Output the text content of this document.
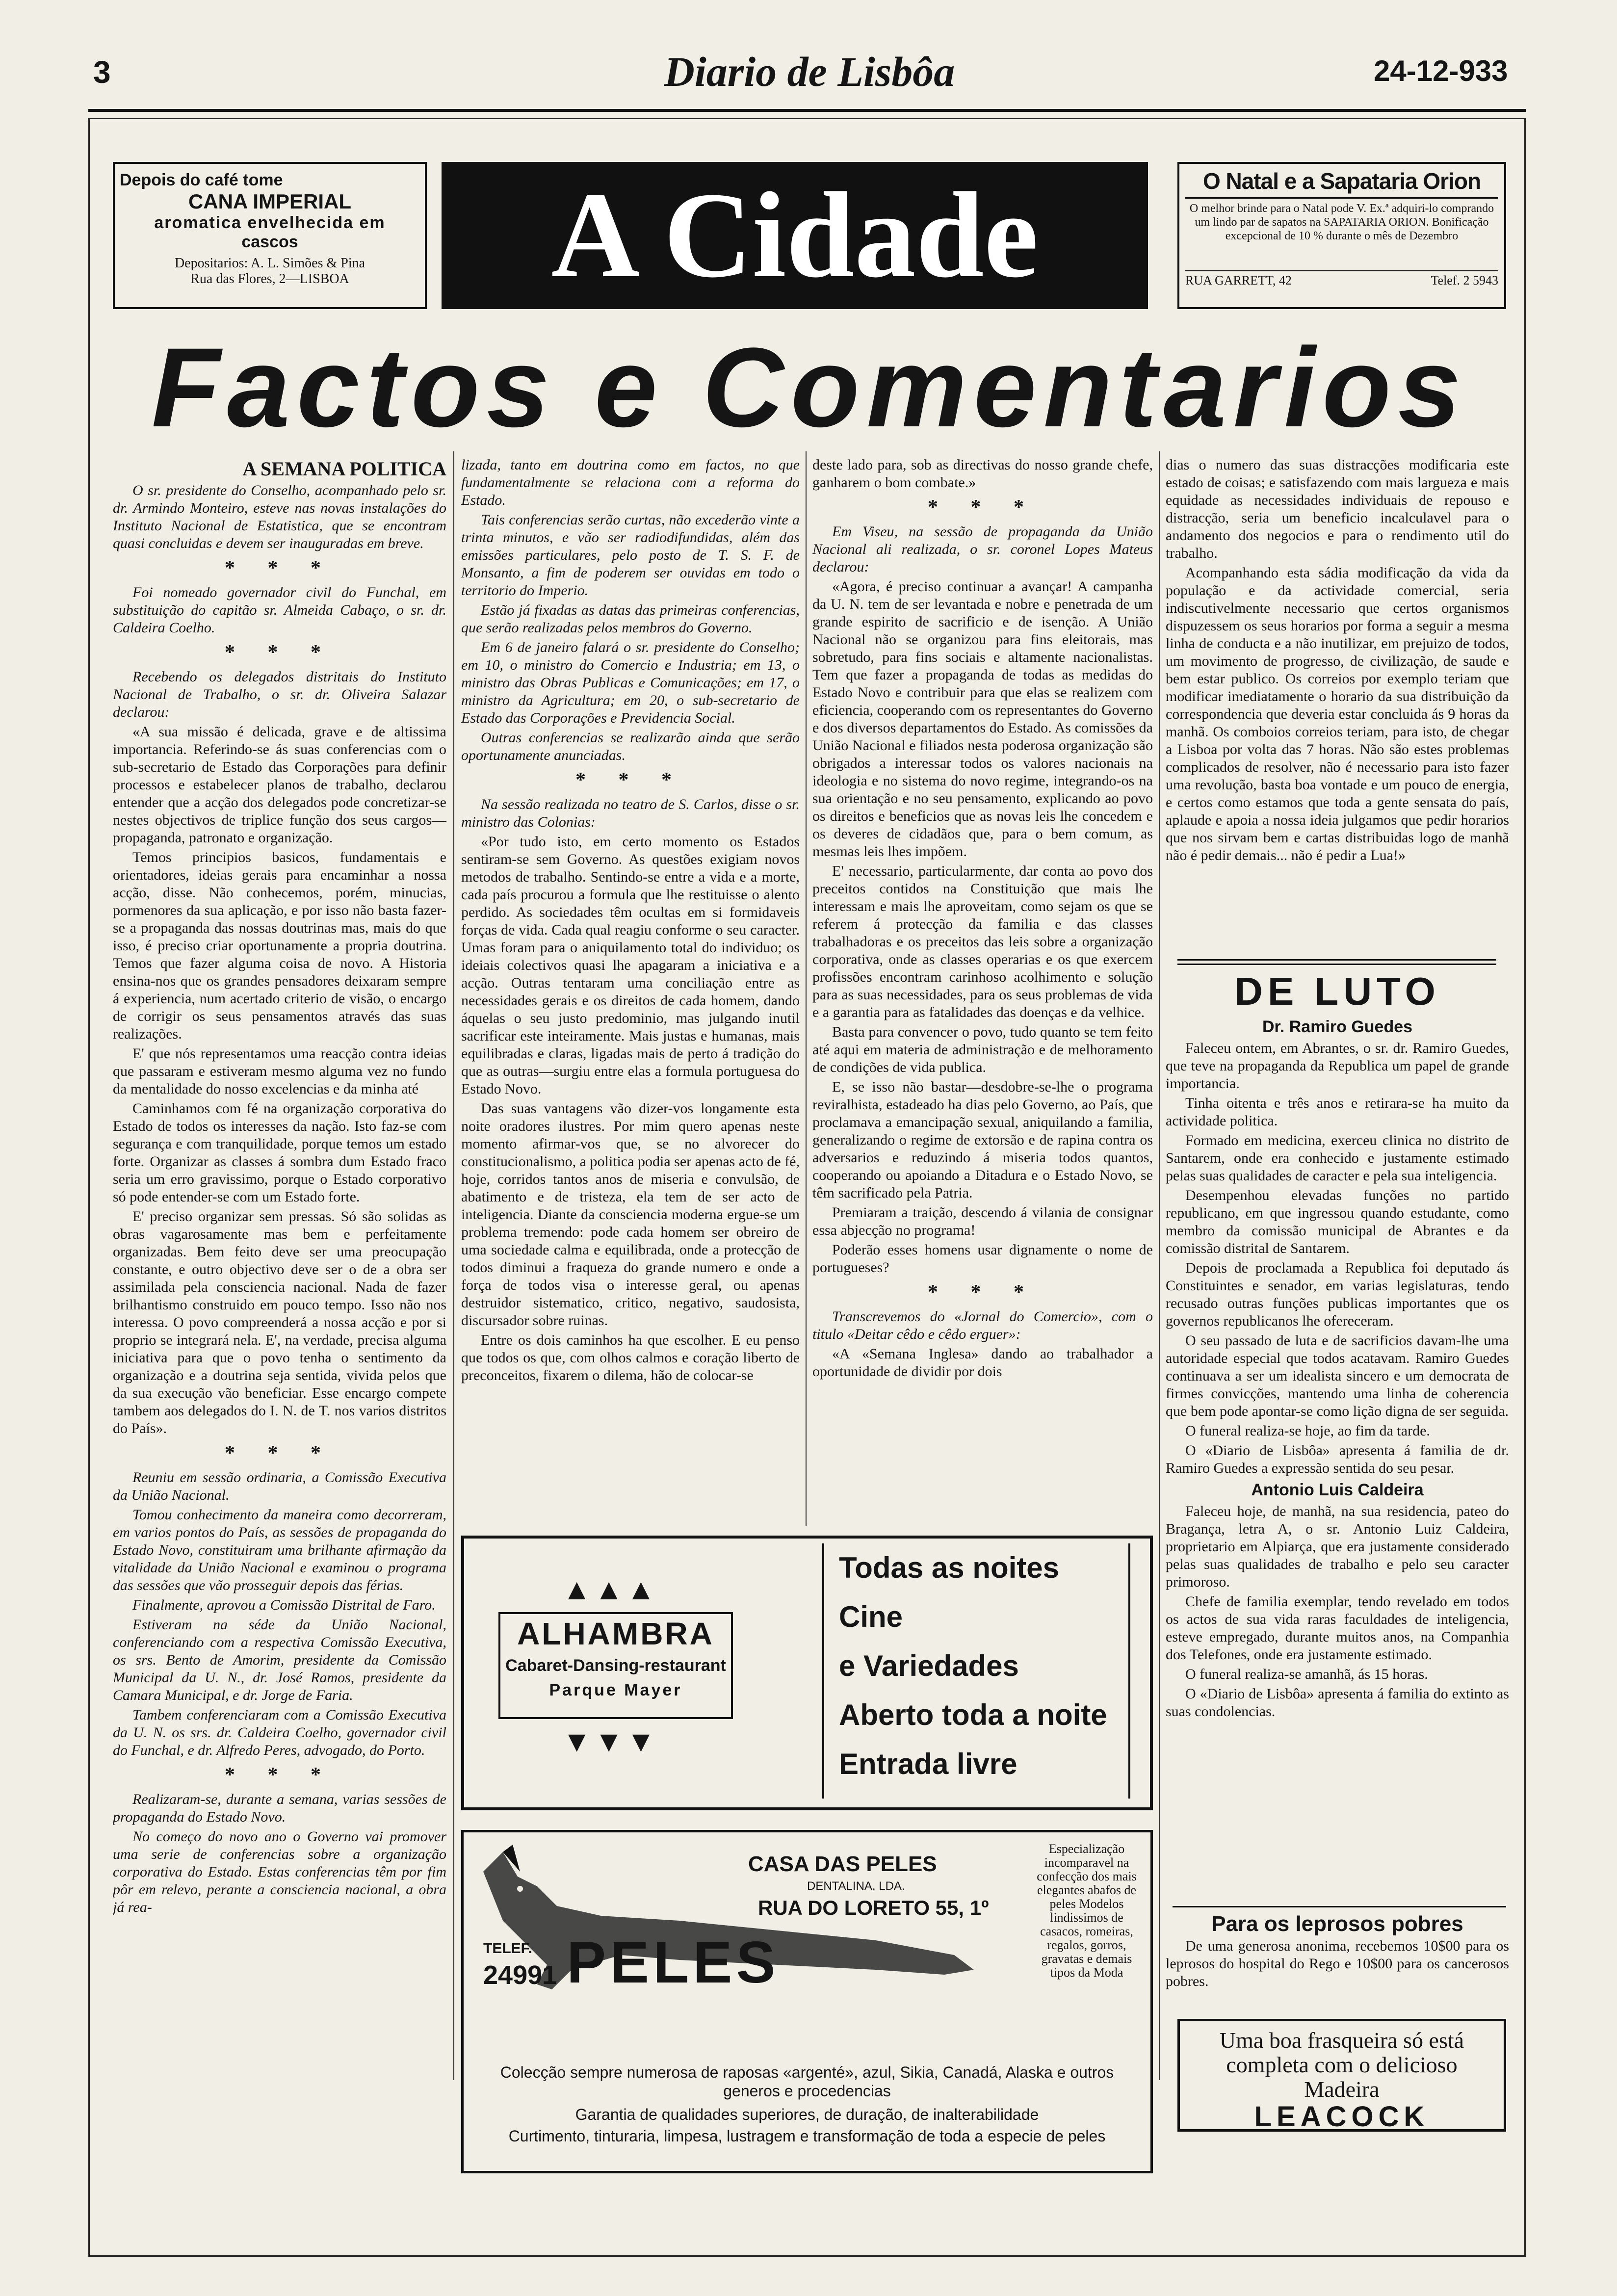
3	Diario de Lisbôa	24-12-933
Depois do café tome
CANA IMPERIAL
aromatica envelhecida em
cascos
Depositarios: A. L. Simões & Pina
Rua das Flores, 2—LISBOA	A Cidade	O Natal e a Sapataria Orion
O melhor brinde para o Natal pode V. Ex.ª adquiri-lo comprando um lindo par de sapatos na SAPATARIA ORION. Bonificação excepcional de 10 % durante o mês de Dezembro
RUA GARRETT, 42	Telef. 2 5943
Factos e Comentarios
A SEMANA POLITICA

O sr. presidente do Conselho, acompanhado pelo sr. dr. Armindo Monteiro, esteve nas novas instalações do Instituto Nacional de Estatistica, que se encontram quasi concluidas e devem ser inauguradas em breve.

* * *

Foi nomeado governador civil do Funchal, em substituição do capitão sr. Almeida Cabaço, o sr. dr. Caldeira Coelho.

* * *

Recebendo os delegados distritais do Instituto Nacional de Trabalho, o sr. dr. Oliveira Salazar declarou:

«A sua missão é delicada, grave e de altissima importancia. Referindo-se ás suas conferencias com o sub-secretario de Estado das Corporações para definir processos e estabelecer planos de trabalho, declarou entender que a acção dos delegados pode concretizar-se nestes objectivos de triplice função dos seus cargos—propaganda, patronato e organização.

Temos principios basicos, fundamentais e orientadores, ideias gerais para encaminhar a nossa acção, disse. Não conhecemos, porém, minucias, pormenores da sua aplicação, e por isso não basta fazer-se a propaganda das nossas doutrinas mas, mais do que isso, é preciso criar oportunamente a propria doutrina. Temos que fazer alguma coisa de novo. A Historia ensina-nos que os grandes pensadores deixaram sempre á experiencia, num acertado criterio de visão, o encargo de corrigir os seus pensamentos através das suas realizações.

E' que nós representamos uma reacção contra ideias que passaram e estiveram mesmo alguma vez no fundo da mentalidade do nosso excelencias e da minha até

Caminhamos com fé na organização corporativa do Estado de todos os interesses da nação. Isto faz-se com segurança e com tranquilidade, porque temos um estado forte. Organizar as classes á sombra dum Estado fraco seria um erro gravissimo, porque o Estado corporativo só pode entender-se com um Estado forte.

E' preciso organizar sem pressas. Só são solidas as obras vagarosamente mas bem e perfeitamente organizadas. Bem feito deve ser uma preocupação constante, e outro objectivo deve ser o de a obra ser assimilada pela consciencia nacional. Nada de fazer brilhantismo construido em pouco tempo. Isso não nos interessa. O povo compreenderá a nossa acção e por si proprio se integrará nela. E', na verdade, precisa alguma iniciativa para que o povo tenha o sentimento da organização e a doutrina seja sentida, vivida pelos que da sua execução vão beneficiar. Esse encargo compete tambem aos delegados do I. N. de T. nos varios distritos do País».

* * *

Reuniu em sessão ordinaria, a Comissão Executiva da União Nacional.

Tomou conhecimento da maneira como decorreram, em varios pontos do País, as sessões de propaganda do Estado Novo, constituiram uma brilhante afirmação da vitalidade da União Nacional e examinou o programa das sessões que vão prosseguir depois das férias.

Finalmente, aprovou a Comissão Distrital de Faro.

Estiveram na séde da União Nacional, conferenciando com a respectiva Comissão Executiva, os srs. Bento de Amorim, presidente da Comissão Municipal da U. N., dr. José Ramos, presidente da Camara Municipal, e dr. Jorge de Faria.

Tambem conferenciaram com a Comissão Executiva da U. N. os srs. dr. Caldeira Coelho, governador civil do Funchal, e dr. Alfredo Peres, advogado, do Porto.

* * *

Realizaram-se, durante a semana, varias sessões de propaganda do Estado Novo.

No começo do novo ano o Governo vai promover uma serie de conferencias sobre a organização corporativa do Estado. Estas conferencias têm por fim pôr em relevo, perante a consciencia nacional, a obra já rea-

lizada, tanto em doutrina como em factos, no que fundamentalmente se relaciona com a reforma do Estado.

Tais conferencias serão curtas, não excederão vinte a trinta minutos, e vão ser radiodifundidas, além das emissões particulares, pelo posto de T. S. F. de Monsanto, a fim de poderem ser ouvidas em todo o territorio do Imperio.

Estão já fixadas as datas das primeiras conferencias, que serão realizadas pelos membros do Governo.

Em 6 de janeiro falará o sr. presidente do Conselho; em 10, o ministro do Comercio e Industria; em 13, o ministro das Obras Publicas e Comunicações; em 17, o ministro da Agricultura; em 20, o sub-secretario de Estado das Corporações e Previdencia Social.

Outras conferencias se realizarão ainda que serão oportunamente anunciadas.

* * *

Na sessão realizada no teatro de S. Carlos, disse o sr. ministro das Colonias:

«Por tudo isto, em certo momento os Estados sentiram-se sem Governo. As questões exigiam novos metodos de trabalho. Sentindo-se entre a vida e a morte, cada país procurou a formula que lhe restituisse o alento perdido. As sociedades têm ocultas em si formidaveis forças de vida. Cada qual reagiu conforme o seu caracter. Umas foram para o aniquilamento total do individuo; os ideiais colectivos quasi lhe apagaram a iniciativa e a acção. Outras tentaram uma conciliação entre as necessidades gerais e os direitos de cada homem, dando áquelas o seu justo predominio, mas julgando inutil sacrificar este inteiramente. Mais justas e humanas, mais equilibradas e claras, ligadas mais de perto á tradição do que as outras—surgiu entre elas a formula portuguesa do Estado Novo.

Das suas vantagens vão dizer-vos longamente esta noite oradores ilustres. Por mim quero apenas neste momento afirmar-vos que, se no alvorecer do constitucionalismo, a politica podia ser apenas acto de fé, hoje, corridos tantos anos de miseria e convulsão, de abatimento e de tristeza, ela tem de ser acto de inteligencia. Diante da consciencia moderna ergue-se um problema tremendo: pode cada homem ser obreiro de uma sociedade calma e equilibrada, onde a protecção de todos diminui a fraqueza do grande numero e onde a força de todos visa o interesse geral, ou apenas destruidor sistematico, critico, negativo, saudosista, discursador sobre ruinas.

Entre os dois caminhos ha que escolher. E eu penso que todos os que, com olhos calmos e coração liberto de preconceitos, fixarem o dilema, hão de colocar-se

deste lado para, sob as directivas do nosso grande chefe, ganharem o bom combate.»

* * *

Em Viseu, na sessão de propaganda da União Nacional ali realizada, o sr. coronel Lopes Mateus declarou:

«Agora, é preciso continuar a avançar! A campanha da U. N. tem de ser levantada e nobre e penetrada de um grande espirito de sacrificio e de isenção. A União Nacional não se organizou para fins eleitorais, mas sobretudo, para fins sociais e altamente nacionalistas. Tem que fazer a propaganda de todas as medidas do Estado Novo e contribuir para que elas se realizem com eficiencia, cooperando com os representantes do Governo e dos diversos departamentos do Estado. As comissões da União Nacional e filiados nesta poderosa organização são obrigados a interessar todos os valores nacionais na ideologia e no sistema do novo regime, integrando-os na sua orientação e no seu pensamento, explicando ao povo os direitos e beneficios que as novas leis lhe concedem e os deveres de cidadãos que, para o bem comum, as mesmas leis lhes impõem.

E' necessario, particularmente, dar conta ao povo dos preceitos contidos na Constituição que mais lhe interessam e mais lhe aproveitam, como sejam os que se referem á protecção da familia e das classes trabalhadoras e os preceitos das leis sobre a organização corporativa, onde as classes operarias e os que exercem profissões encontram carinhoso acolhimento e solução para as suas necessidades, para os seus problemas de vida e a garantia para as fatalidades das doenças e da velhice.

Basta para convencer o povo, tudo quanto se tem feito até aqui em materia de administração e de melhoramento de condições de vida publica.

E, se isso não bastar—desdobre-se-lhe o programa reviralhista, estadeado ha dias pelo Governo, ao País, que proclamava a emancipação sexual, aniquilando a familia, generalizando o regime de extorsão e de rapina contra os adversarios e reduzindo á miseria todos quantos, cooperando ou apoiando a Ditadura e o Estado Novo, se têm sacrificado pela Patria.

Premiaram a traição, descendo á vilania de consignar essa abjecção no programa!

Poderão esses homens usar dignamente o nome de portugueses?

* * *

Transcrevemos do «Jornal do Comercio», com o titulo «Deitar cêdo e cêdo erguer»:

«A «Semana Inglesa» dando ao trabalhador a oportunidade de dividir por dois

dias o numero das suas distracções modificaria este estado de coisas; e satisfazendo com mais largueza e mais equidade as necessidades individuais de repouso e distracção, seria um beneficio incalculavel para o andamento dos negocios e para o rendimento util do trabalho.

Acompanhando esta sádia modificação da vida da população e da actividade comercial, seria indiscutivelmente necessario que certos organismos dispuzessem os seus horarios por forma a seguir a mesma linha de conducta e a não inutilizar, em prejuizo de todos, um movimento de progresso, de civilização, de saude e bem estar publico. Os correios por exemplo teriam que modificar imediatamente o horario da sua distribuição da correspondencia que deveria estar concluida ás 9 horas da manhã. Os comboios correios teriam, para isto, de chegar a Lisboa por volta das 7 horas. Não são estes problemas complicados de resolver, não é necessario para isto fazer uma revolução, basta boa vontade e um pouco de energia, e certos como estamos que toda a gente sensata do país, aplaude e apoia a nossa ideia julgamos que pedir horarios que nos sirvam bem e cartas distribuidas logo de manhã não é pedir demais... não é pedir a Lua!»

DE LUTO
Dr. Ramiro Guedes

Faleceu ontem, em Abrantes, o sr. dr. Ramiro Guedes, que teve na propaganda da Republica um papel de grande importancia.

Tinha oitenta e três anos e retirara-se ha muito da actividade politica.

Formado em medicina, exerceu clinica no distrito de Santarem, onde era conhecido e justamente estimado pelas suas qualidades de caracter e pela sua inteligencia.

Desempenhou elevadas funções no partido republicano, em que ingressou quando estudante, como membro da comissão municipal de Abrantes e da comissão distrital de Santarem.

Depois de proclamada a Republica foi deputado ás Constituintes e senador, em varias legislaturas, tendo recusado outras funções publicas importantes que os governos republicanos lhe ofereceram.

O seu passado de luta e de sacrificios davam-lhe uma autoridade especial que todos acatavam. Ramiro Guedes continuava a ser um idealista sincero e um democrata de firmes convicções, mantendo uma linha de coherencia que bem pode apontar-se como lição digna de ser seguida.

O funeral realiza-se hoje, ao fim da tarde.

O «Diario de Lisbôa» apresenta á familia de dr. Ramiro Guedes a expressão sentida do seu pesar.

Antonio Luis Caldeira

Faleceu hoje, de manhã, na sua residencia, pateo do Bragança, letra A, o sr. Antonio Luiz Caldeira, proprietario em Alpiarça, que era justamente considerado pelas suas qualidades de trabalho e pelo seu caracter primoroso.

Chefe de familia exemplar, tendo revelado em todos os actos de sua vida raras faculdades de inteligencia, esteve empregado, durante muitos anos, na Companhia dos Telefones, onde era justamente estimado.

O funeral realiza-se amanhã, ás 15 horas.

O «Diario de Lisbôa» apresenta á familia do extinto as suas condolencias.

Para os leprosos pobres

De uma generosa anonima, recebemos 10$00 para os leprosos do hospital do Rego e 10$00 para os cancerosos pobres.

Uma boa frasqueira só está
completa com o delicioso
Madeira
LEACOCK
▲▲▲
ALHAMBRA
Cabaret-Dansing-restaurant
Parque Mayer
▼▼▼
Todas as noites
Cine
e Variedades
Aberto toda a noite
Entrada livre
CASA DAS PELES
DENTALINA, LDA.
RUA DO LORETO 55, 1º
TELEF.
24991 PELES
Especialização incomparavel na confecção dos mais elegantes abafos de peles Modelos lindissimos de casacos, romeiras, regalos, gorros, gravatas e demais tipos da Moda
Colecção sempre numerosa de raposas «argenté», azul, Sikia, Canadá, Alaska e outros generos e procedencias
Garantia de qualidades superiores, de duração, de inalterabilidade
Curtimento, tinturaria, limpesa, lustragem e transformação de toda a especie de peles
